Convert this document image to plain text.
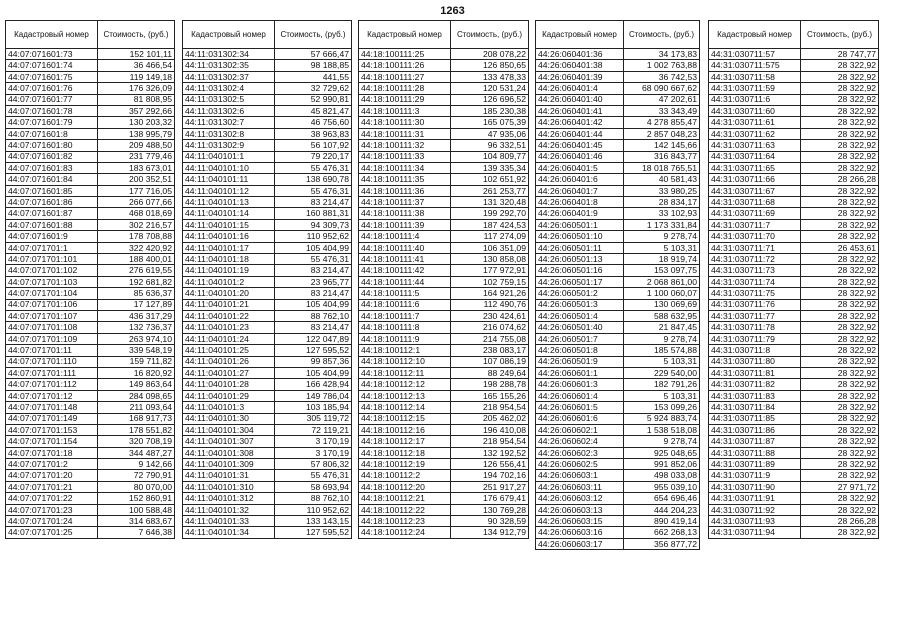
1263
Кадастровый номер	Стоимость, (руб.)
44:07:071601:73	152 101,11
44:07:071601:74	36 466,54
44:07:071601:75	119 149,18
44:07:071601:76	176 326,09
44:07:071601:77	81 808,95
44:07:071601:78	357 292,66
44:07:071601:79	130 203,32
44:07:071601:8	138 995,79
44:07:071601:80	209 488,50
44:07:071601:82	231 779,46
44:07:071601:83	183 673,01
44:07:071601:84	200 352,51
44:07:071601:85	177 716,05
44:07:071601:86	266 077,66
44:07:071601:87	468 018,69
44:07:071601:88	302 216,57
44:07:071601:9	178 708,88
44:07:071701:1	322 420,92
44:07:071701:101	188 400,01
44:07:071701:102	276 619,55
44:07:071701:103	192 681,82
44:07:071701:104	85 636,37
44:07:071701:106	17 127,89
44:07:071701:107	436 317,29
44:07:071701:108	132 736,37
44:07:071701:109	263 974,10
44:07:071701:11	339 548,19
44:07:071701:110	159 711,82
44:07:071701:111	16 820,92
44:07:071701:112	149 863,64
44:07:071701:12	284 098,65
44:07:071701:148	211 093,64
44:07:071701:149	168 917,73
44:07:071701:153	178 551,82
44:07:071701:154	320 708,19
44:07:071701:18	344 487,27
44:07:071701:2	9 142,66
44:07:071701:20	72 790,91
44:07:071701:21	80 070,00
44:07:071701:22	152 860,91
44:07:071701:23	100 588,48
44:07:071701:24	314 683,67
44:07:071701:25	7 646,38
Кадастровый номер	Стоимость, (руб.)
44:11:031302:34	57 666,47
44:11:031302:35	98 188,85
44:11:031302:37	441,55
44:11:031302:4	32 729,62
44:11:031302:5	52 990,81
44:11:031302:6	45 821,47
44:11:031302:7	46 756,60
44:11:031302:8	38 963,83
44:11:031302:9	56 107,92
44:11:040101:1	79 220,17
44:11:040101:10	55 476,31
44:11:040101:11	138 690,78
44:11:040101:12	55 476,31
44:11:040101:13	83 214,47
44:11:040101:14	160 881,31
44:11:040101:15	94 309,73
44:11:040101:16	110 952,62
44:11:040101:17	105 404,99
44:11:040101:18	55 476,31
44:11:040101:19	83 214,47
44:11:040101:2	23 965,77
44:11:040101:20	83 214,47
44:11:040101:21	105 404,99
44:11:040101:22	88 762,10
44:11:040101:23	83 214,47
44:11:040101:24	122 047,89
44:11:040101:25	127 595,52
44:11:040101:26	99 857,36
44:11:040101:27	105 404,99
44:11:040101:28	166 428,94
44:11:040101:29	149 786,04
44:11:040101:3	103 185,94
44:11:040101:30	305 119,72
44:11:040101:304	72 119,21
44:11:040101:307	3 170,19
44:11:040101:308	3 170,19
44:11:040101:309	57 806,32
44:11:040101:31	55 476,31
44:11:040101:310	58 693,94
44:11:040101:312	88 762,10
44:11:040101:32	110 952,62
44:11:040101:33	133 143,15
44:11:040101:34	127 595,52
Кадастровый номер	Стоимость, (руб.)
44:18:100111:25	208 078,22
44:18:100111:26	126 850,65
44:18:100111:27	133 478,33
44:18:100111:28	120 531,24
44:18:100111:29	126 696,52
44:18:100111:3	185 230,38
44:18:100111:30	165 075,39
44:18:100111:31	47 935,06
44:18:100111:32	96 332,51
44:18:100111:33	104 809,77
44:18:100111:34	139 335,34
44:18:100111:35	102 651,92
44:18:100111:36	261 253,77
44:18:100111:37	131 320,48
44:18:100111:38	199 292,70
44:18:100111:39	187 424,53
44:18:100111:4	117 274,09
44:18:100111:40	106 351,09
44:18:100111:41	130 858,08
44:18:100111:42	177 972,91
44:18:100111:44	102 759,15
44:18:100111:5	164 921,26
44:18:100111:6	112 490,76
44:18:100111:7	230 424,61
44:18:100111:8	216 074,62
44:18:100111:9	214 755,08
44:18:100112:1	238 083,17
44:18:100112:10	107 086,19
44:18:100112:11	88 249,64
44:18:100112:12	198 288,78
44:18:100112:13	165 155,26
44:18:100112:14	218 954,54
44:18:100112:15	205 462,02
44:18:100112:16	196 410,08
44:18:100112:17	218 954,54
44:18:100112:18	132 192,52
44:18:100112:19	126 556,41
44:18:100112:2	194 702,16
44:18:100112:20	251 917,27
44:18:100112:21	176 679,41
44:18:100112:22	130 769,28
44:18:100112:23	90 328,59
44:18:100112:24	134 912,79
Кадастровый номер	Стоимость, (руб.)
44:26:060401:36	34 173,83
44:26:060401:38	1 002 763,88
44:26:060401:39	36 742,53
44:26:060401:4	68 090 667,62
44:26:060401:40	47 202,61
44:26:060401:41	33 343,49
44:26:060401:42	4 278 855,47
44:26:060401:44	2 857 048,23
44:26:060401:45	142 145,66
44:26:060401:46	316 843,77
44:26:060401:5	18 018 765,51
44:26:060401:6	40 581,43
44:26:060401:7	33 980,25
44:26:060401:8	28 834,17
44:26:060401:9	33 102,93
44:26:060501:1	1 173 331,84
44:26:060501:10	9 278,74
44:26:060501:11	5 103,31
44:26:060501:13	18 919,74
44:26:060501:16	153 097,75
44:26:060501:17	2 068 861,00
44:26:060501:2	1 100 060,07
44:26:060501:3	130 069,69
44:26:060501:4	588 632,95
44:26:060501:40	21 847,45
44:26:060501:7	9 278,74
44:26:060501:8	185 574,88
44:26:060501:9	5 103,31
44:26:060601:1	229 540,00
44:26:060601:3	182 791,26
44:26:060601:4	5 103,31
44:26:060601:5	153 099,26
44:26:060601:6	5 924 883,74
44:26:060602:1	1 538 518,08
44:26:060602:4	9 278,74
44:26:060602:3	925 048,65
44:26:060602:5	991 852,06
44:26:060603:1	498 033,08
44:26:060603:11	955 039,10
44:26:060603:12	654 696,46
44:26:060603:13	444 204,23
44:26:060603:15	890 419,14
44:26:060603:16	662 268,13
44:26:060603:17	356 877,72
Кадастровый номер	Стоимость, (руб.)
44:31:030711:57	28 747,77
44:31:030711:575	28 322,92
44:31:030711:58	28 322,92
44:31:030711:59	28 322,92
44:31:030711:6	28 322,92
44:31:030711:60	28 322,92
44:31:030711:61	28 322,92
44:31:030711:62	28 322,92
44:31:030711:63	28 322,92
44:31:030711:64	28 322,92
44:31:030711:65	28 322,92
44:31:030711:66	28 266,28
44:31:030711:67	28 322,92
44:31:030711:68	28 322,92
44:31:030711:69	28 322,92
44:31:030711:7	28 322,92
44:31:030711:70	28 322,92
44:31:030711:71	26 453,61
44:31:030711:72	28 322,92
44:31:030711:73	28 322,92
44:31:030711:74	28 322,92
44:31:030711:75	28 322,92
44:31:030711:76	28 322,92
44:31:030711:77	28 322,92
44:31:030711:78	28 322,92
44:31:030711:79	28 322,92
44:31:030711:8	28 322,92
44:31:030711:80	28 322,92
44:31:030711:81	28 322,92
44:31:030711:82	28 322,92
44:31:030711:83	28 322,92
44:31:030711:84	28 322,92
44:31:030711:85	28 322,92
44:31:030711:86	28 322,92
44:31:030711:87	28 322,92
44:31:030711:88	28 322,92
44:31:030711:89	28 322,92
44:31:030711:9	28 322,92
44:31:030711:90	27 971,72
44:31:030711:91	28 322,92
44:31:030711:92	28 322,92
44:31:030711:93	28 266,28
44:31:030711:94	28 322,92
